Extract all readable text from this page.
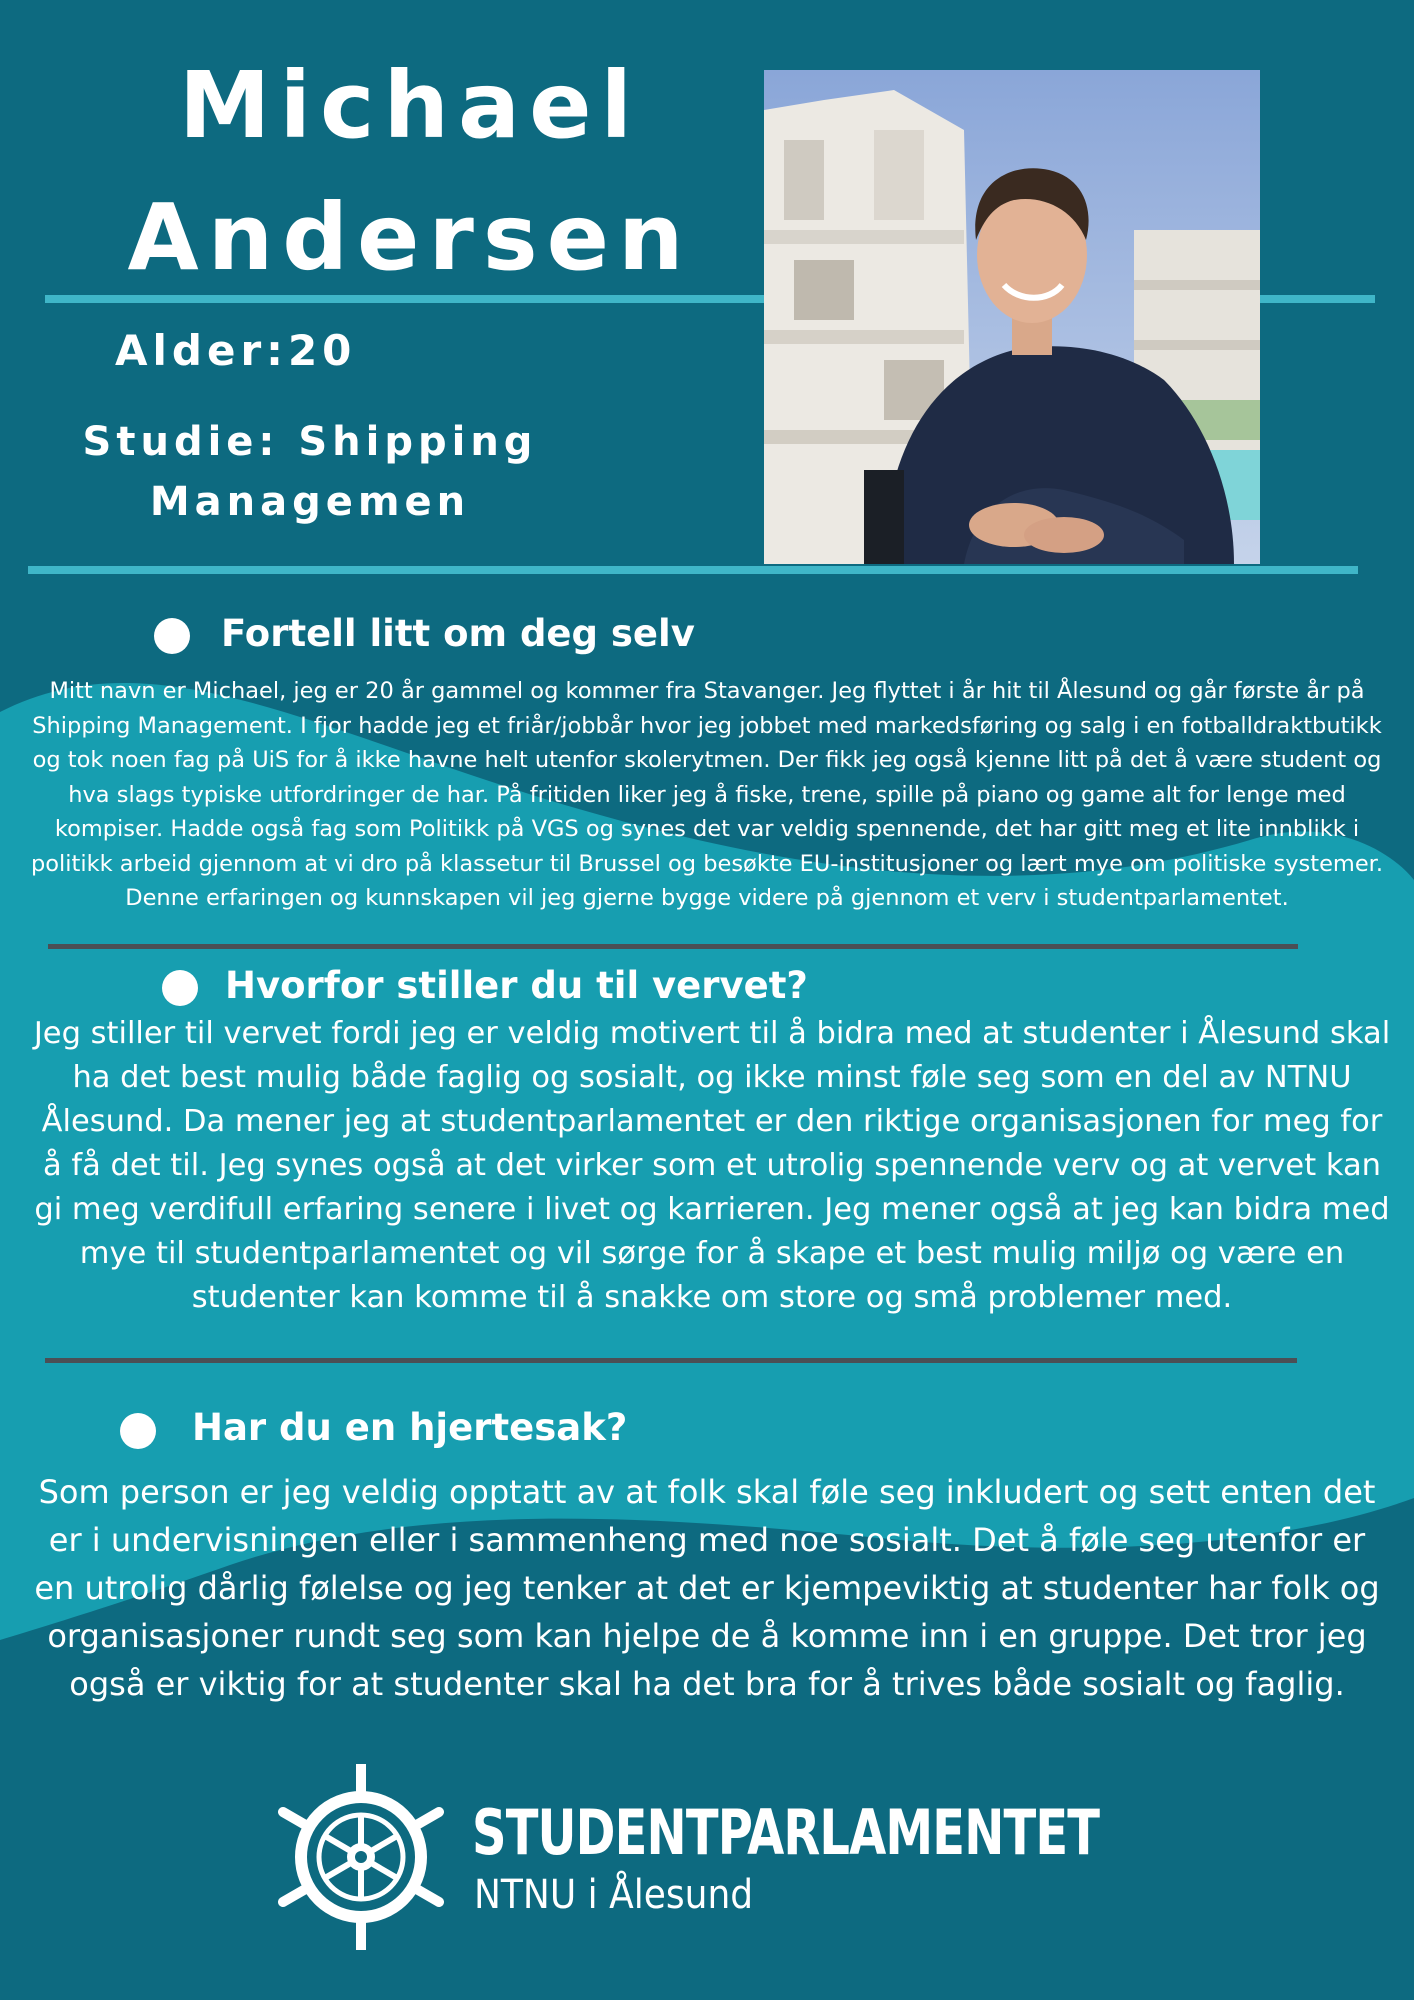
Michael
Andersen
Alder:20
Studie: Shipping
Managemen
Fortell litt om deg selv
Mitt navn er Michael, jeg er 20 år gammel og kommer fra Stavanger. Jeg flyttet i år hit til Ålesund og går første år på Shipping Management. I fjor hadde jeg et friår/jobbår hvor jeg jobbet med markedsføring og salg i en fotballdraktbutikk og tok noen fag på UiS for å ikke havne helt utenfor skolerytmen. Der fikk jeg også kjenne litt på det å være student og hva slags typiske utfordringer de har. På fritiden liker jeg å fiske, trene, spille på piano og game alt for lenge med kompiser. Hadde også fag som Politikk på VGS og synes det var veldig spennende, det har gitt meg et lite innblikk i politikk arbeid gjennom at vi dro på klassetur til Brussel og besøkte EU-institusjoner og lært mye om politiske systemer. Denne erfaringen og kunnskapen vil jeg gjerne bygge videre på gjennom et verv i studentparlamentet.
Hvorfor stiller du til vervet?
Jeg stiller til vervet fordi jeg er veldig motivert til å bidra med at studenter i Ålesund skal ha det best mulig både faglig og sosialt, og ikke minst føle seg som en del av NTNU Ålesund. Da mener jeg at studentparlamentet er den riktige organisasjonen for meg for å få det til. Jeg synes også at det virker som et utrolig spennende verv og at vervet kan gi meg verdifull erfaring senere i livet og karrieren. Jeg mener også at jeg kan bidra med mye til studentparlamentet og vil sørge for å skape et best mulig miljø og være en studenter kan komme til å snakke om store og små problemer med.
Har du en hjertesak?
Som person er jeg veldig opptatt av at folk skal føle seg inkludert og sett enten det er i undervisningen eller i sammenheng med noe sosialt. Det å føle seg utenfor er en utrolig dårlig følelse og jeg tenker at det er kjempeviktig at studenter har folk og organisasjoner rundt seg som kan hjelpe de å komme inn i en gruppe. Det tror jeg også er viktig for at studenter skal ha det bra for å trives både sosialt og faglig.
STUDENTPARLAMENTET
NTNU i Ålesund
